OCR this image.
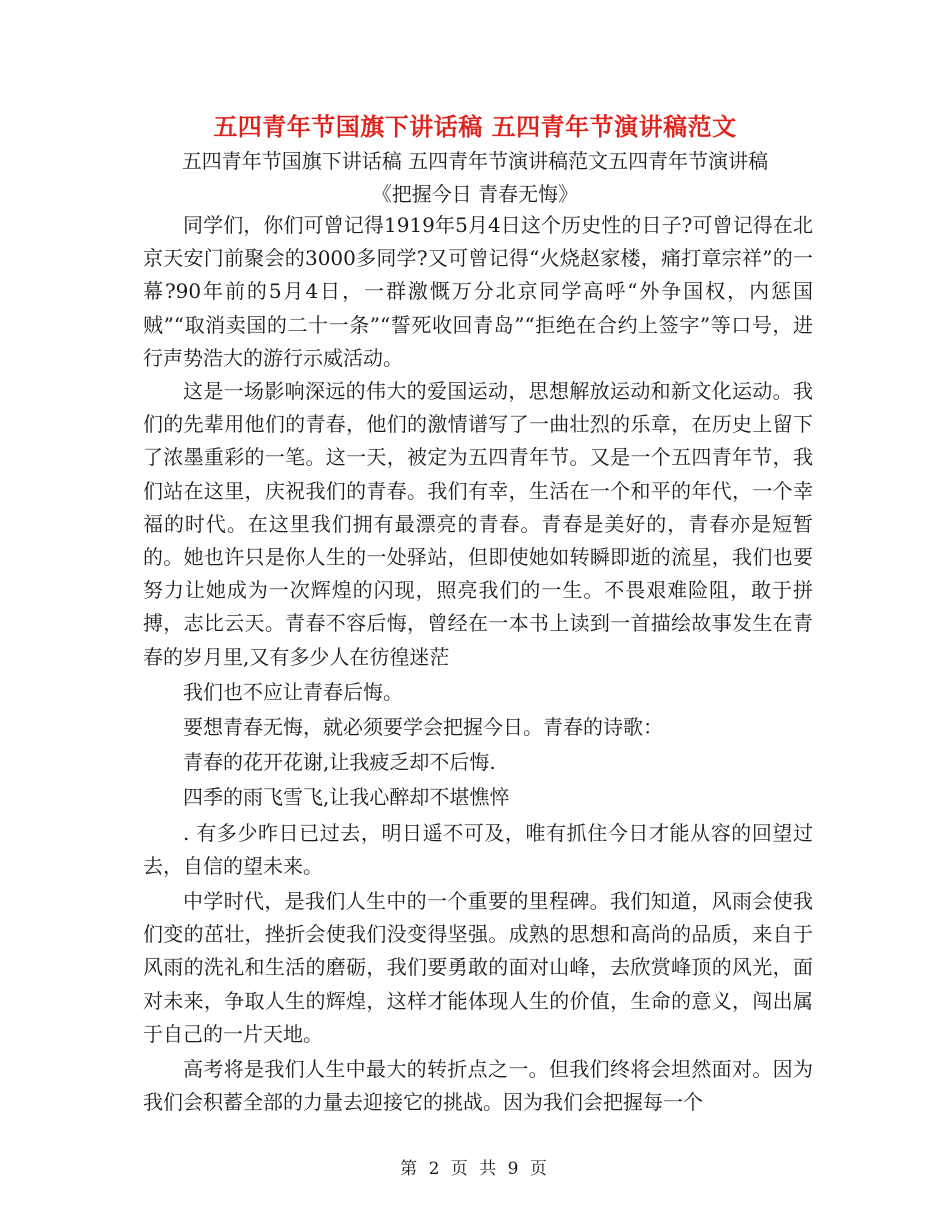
五四青年节国旗下讲话稿 五四青年节演讲稿范文
五四青年节国旗下讲话稿 五四青年节演讲稿范文五四青年节演讲稿
《把握今日 青春无悔》

同学们，你们可曾记得1919年5月4日这个历史性的日子?可曾记得在北京天安门前聚会的3000多同学?又可曾记得“火烧赵家楼，痛打章宗祥”的一幕?90年前的5月4日，一群激慨万分北京同学高呼“外争国权，内惩国贼”“取消卖国的二十一条”“誓死收回青岛”“拒绝在合约上签字”等口号，进行声势浩大的游行示威活动。

这是一场影响深远的伟大的爱国运动，思想解放运动和新文化运动。我们的先辈用他们的青春，他们的激情谱写了一曲壮烈的乐章，在历史上留下了浓墨重彩的一笔。这一天，被定为五四青年节。又是一个五四青年节，我们站在这里，庆祝我们的青春。我们有幸，生活在一个和平的年代，一个幸福的时代。在这里我们拥有最漂亮的青春。青春是美好的，青春亦是短暂的。她也许只是你人生的一处驿站，但即使她如转瞬即逝的流星，我们也要努力让她成为一次辉煌的闪现，照亮我们的一生。不畏艰难险阻，敢于拼搏，志比云天。青春不容后悔，曾经在一本书上读到一首描绘故事发生在青春的岁月里,又有多少人在彷徨迷茫

我们也不应让青春后悔。

要想青春无悔，就必须要学会把握今日。青春的诗歌：

青春的花开花谢,让我疲乏却不后悔.

四季的雨飞雪飞,让我心醉却不堪憔悴

. 有多少昨日已过去，明日遥不可及，唯有抓住今日才能从容的回望过去，自信的望未来。

中学时代，是我们人生中的一个重要的里程碑。我们知道，风雨会使我们变的茁壮，挫折会使我们没变得坚强。成熟的思想和高尚的品质，来自于风雨的洗礼和生活的磨砺，我们要勇敢的面对山峰，去欣赏峰顶的风光，面对未来，争取人生的辉煌，这样才能体现人生的价值，生命的意义，闯出属于自己的一片天地。

高考将是我们人生中最大的转折点之一。但我们终将会坦然面对。因为我们会积蓄全部的力量去迎接它的挑战。因为我们会把握每一个

第 2 页 共 9 页
